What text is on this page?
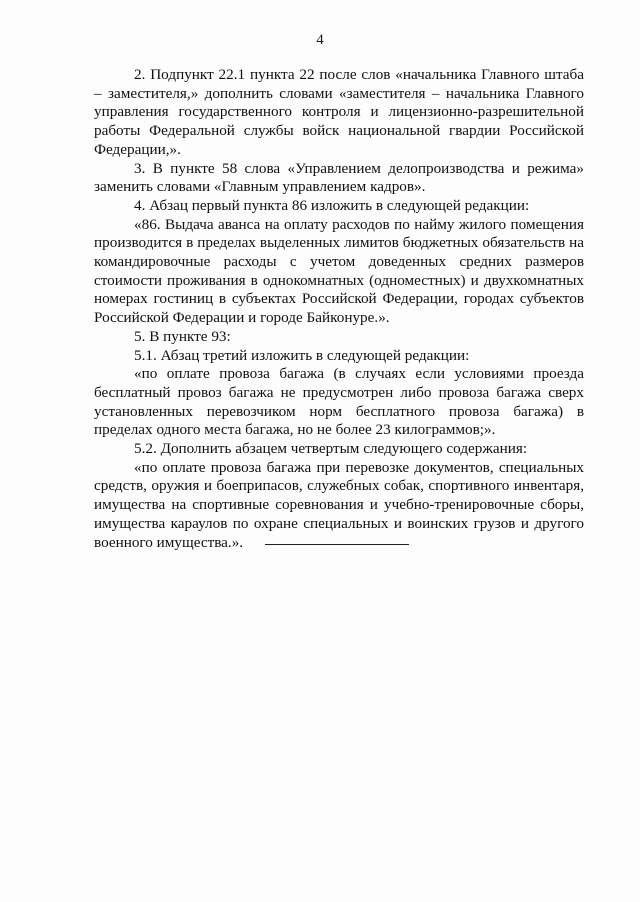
4

2. Подпункт 22.1 пункта 22 после слов «начальника Главного штаба – заместителя,» дополнить словами «заместителя – начальника Главного управления государственного контроля и лицензионно-разрешительной работы Федеральной службы войск национальной гвардии Российской Федерации,».

3. В пункте 58 слова «Управлением делопроизводства и режима» заменить словами «Главным управлением кадров».

4. Абзац первый пункта 86 изложить в следующей редакции:

«86. Выдача аванса на оплату расходов по найму жилого помещения производится в пределах выделенных лимитов бюджетных обязательств на командировочные расходы с учетом доведенных средних размеров стоимости проживания в однокомнатных (одноместных) и двухкомнатных номерах гостиниц в субъектах Российской Федерации, городах субъектов Российской Федерации и городе Байконуре.».

5. В пункте 93:

5.1. Абзац третий изложить в следующей редакции:

«по оплате провоза багажа (в случаях если условиями проезда бесплатный провоз багажа не предусмотрен либо провоза багажа сверх установленных перевозчиком норм бесплатного провоза багажа) в пределах одного места багажа, но не более 23 килограммов;».

5.2. Дополнить абзацем четвертым следующего содержания:

«по оплате провоза багажа при перевозке документов, специальных средств, оружия и боеприпасов, служебных собак, спортивного инвентаря, имущества на спортивные соревнования и учебно-тренировочные сборы, имущества караулов по охране специальных и воинских грузов и другого военного имущества.».
